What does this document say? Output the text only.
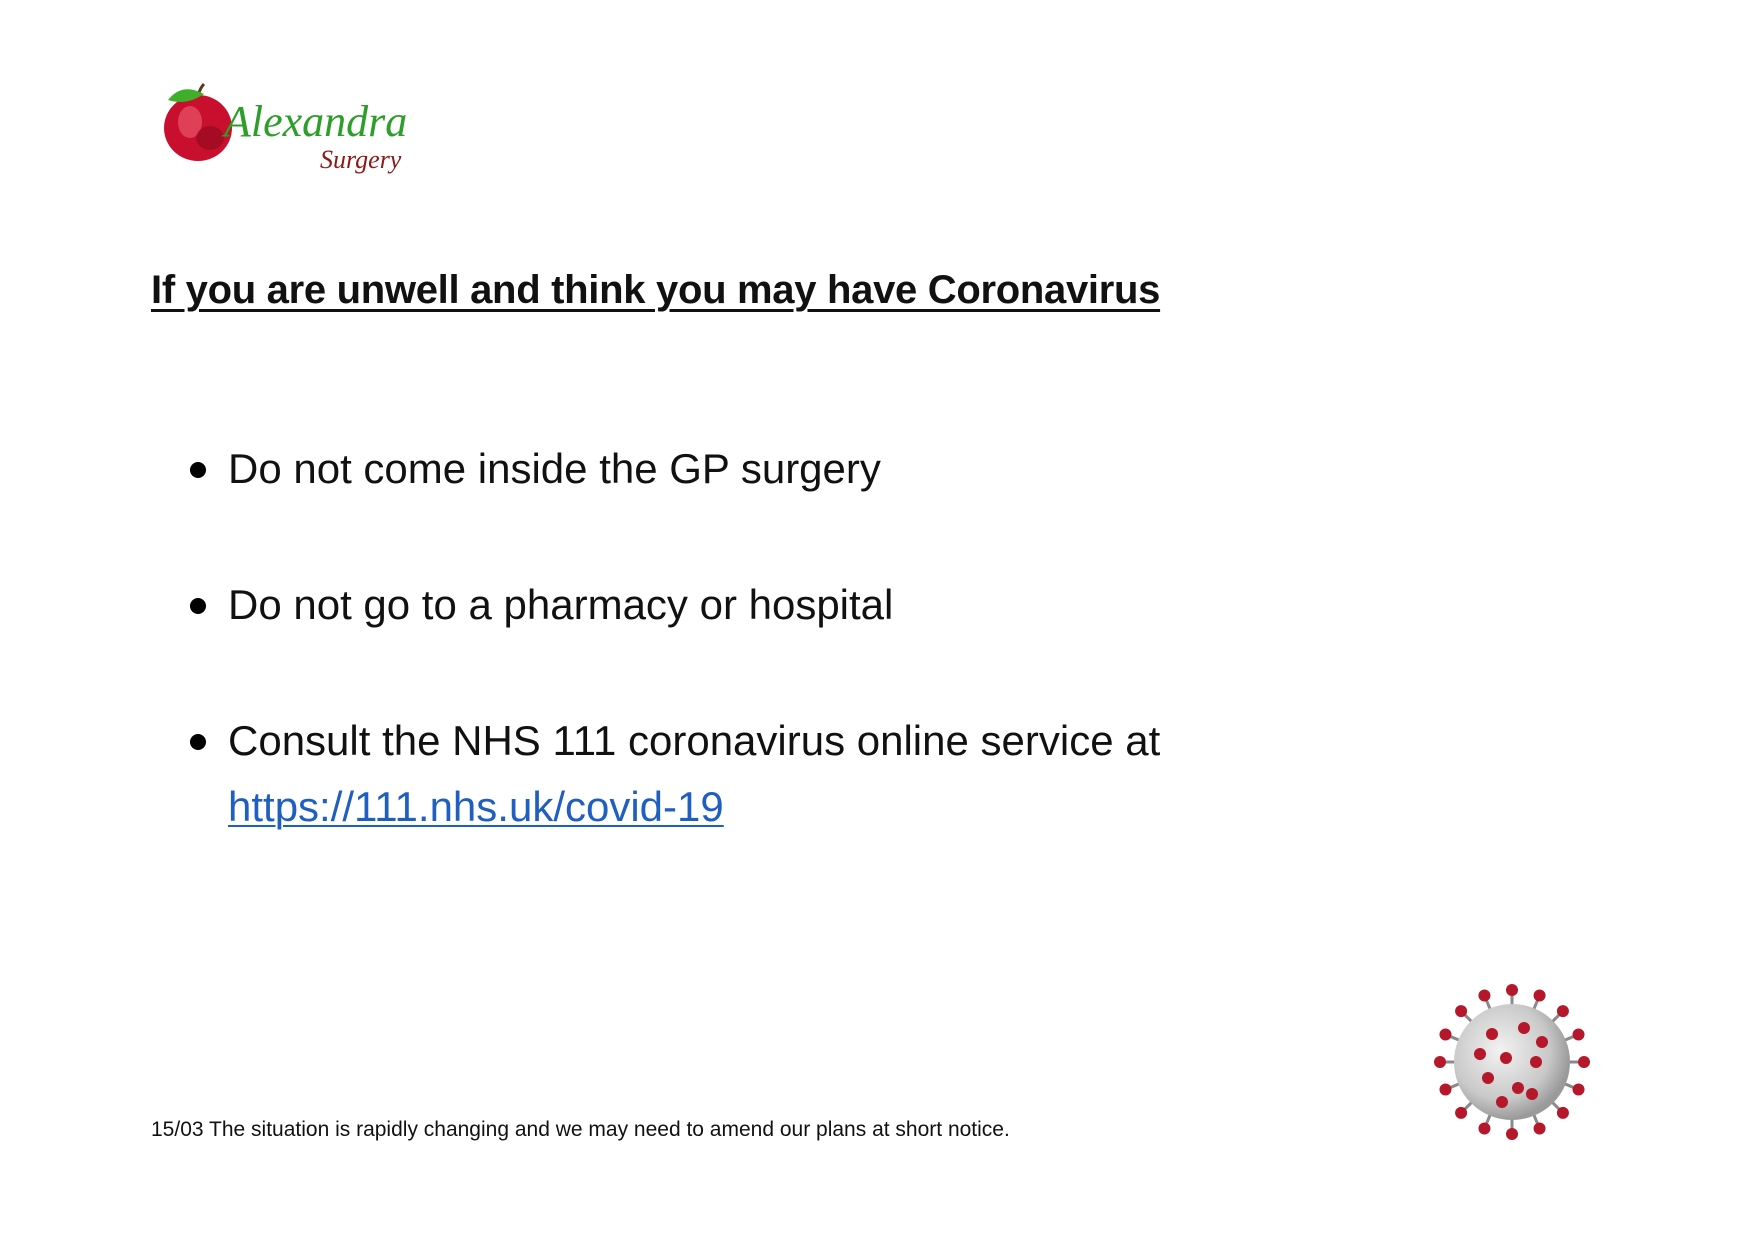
Alexandra
Surgery
If you are unwell and think you may have Coronavirus
Do not come inside the GP surgery
Do not go to a pharmacy or hospital
Consult the NHS 111 coronavirus online service at
https://111.nhs.uk/covid-19
15/03 The situation is rapidly changing and we may need to amend our plans at short notice.
